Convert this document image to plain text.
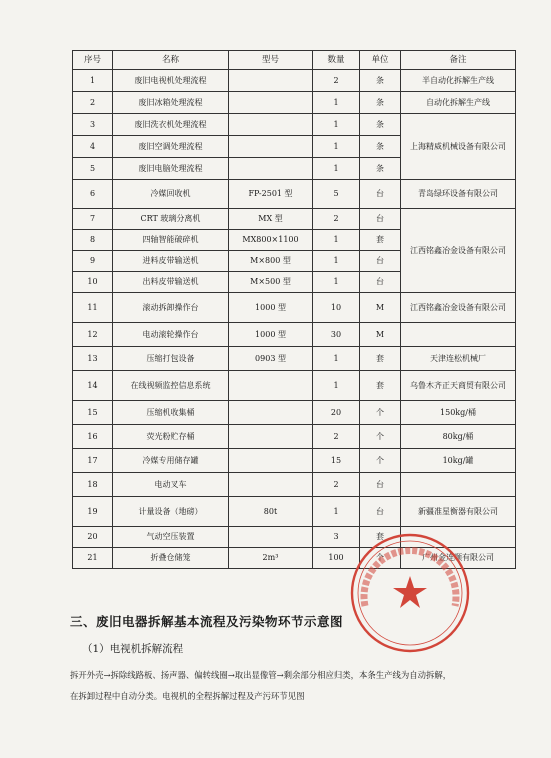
序号	名称	型号	数量	单位	备注
1	废旧电视机处理流程		2	条	半自动化拆解生产线
2	废旧冰箱处理流程		1	条	自动化拆解生产线
3	废旧洗衣机处理流程		1	条	上海精威机械设备有限公司
4	废旧空调处理流程		1	条	
5	废旧电脑处理流程		1	条	
6	冷媒回收机	FP-2501 型	5	台	青岛绿环设备有限公司
7	CRT 玻璃分离机	MX 型	2	台	江西铭鑫冶金设备有限公司
8	四轴智能破碎机	MX800×1100	1	套	
9	进料皮带输送机	M×800 型	1	台	
10	出料皮带输送机	M×500 型	1	台	
11	滚动拆卸操作台	1000 型	10	M	江西铭鑫冶金设备有限公司
12	电动滚轮操作台	1000 型	30	M	
13	压缩打包设备	0903 型	1	套	天津连松机械厂
14	在线视频监控信息系统		1	套	乌鲁木齐正天商贸有限公司
15	压缩机收集桶		20	个	150kg/桶
16	荧光粉贮存桶		2	个	80kg/桶
17	冷媒专用储存罐		15	个	10kg/罐
18	电动叉车		2	台	
19	计量设备（地磅）	80t	1	台	新疆准星衡器有限公司
20	气动空压装置		3	套	
21	折叠仓储笼	2m³	100	个	广州金连顺有限公司
三、废旧电器拆解基本流程及污染物环节示意图
（1）电视机拆解流程

拆开外壳→拆除线路板、扬声器、偏转线圈→取出显像管→剩余部分相应归类，本条生产线为自动拆解，

在拆卸过程中自动分类。电视机的全程拆解过程及产污环节见图
